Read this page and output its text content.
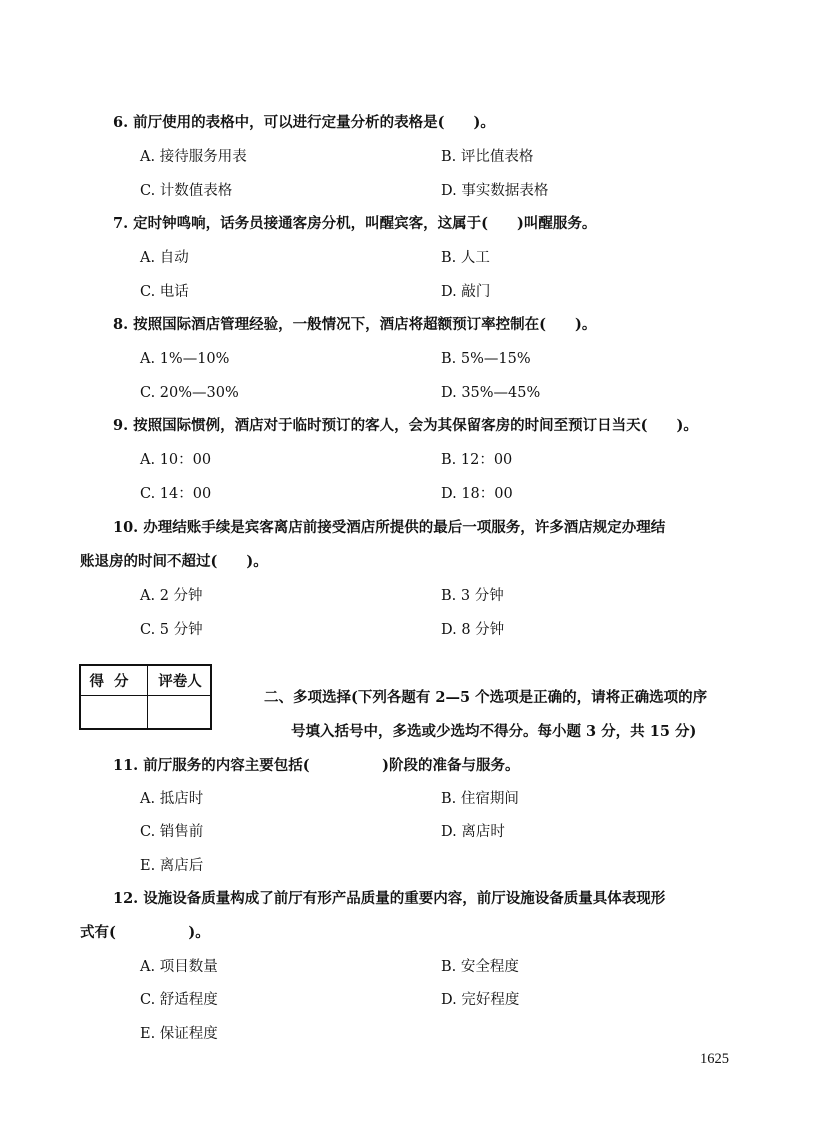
6. 前厅使用的表格中，可以进行定量分析的表格是(　　)。
A. 接待服务用表	B. 评比值表格
C. 计数值表格	D. 事实数据表格
7. 定时钟鸣响，话务员接通客房分机，叫醒宾客，这属于(　　)叫醒服务。
A. 自动	B. 人工
C. 电话	D. 敲门
8. 按照国际酒店管理经验，一般情况下，酒店将超额预订率控制在(　　)。
A. 1%—10%	B. 5%—15%
C. 20%—30%	D. 35%—45%
9. 按照国际惯例，酒店对于临时预订的客人，会为其保留客房的时间至预订日当天(　　)。
A. 10：00	B. 12：00
C. 14：00	D. 18：00
10. 办理结账手续是宾客离店前接受酒店所提供的最后一项服务，许多酒店规定办理结
账退房的时间不超过(　　)。
A. 2 分钟	B. 3 分钟
C. 5 分钟	D. 8 分钟
得分	评卷人
二、多项选择(下列各题有 2—5 个选项是正确的，请将正确选项的序
号填入括号中，多选或少选均不得分。每小题 3 分，共 15 分)
11. 前厅服务的内容主要包括(　　　　　)阶段的准备与服务。
A. 抵店时	B. 住宿期间
C. 销售前	D. 离店时
E. 离店后
12. 设施设备质量构成了前厅有形产品质量的重要内容，前厅设施设备质量具体表现形
式有(　　　　　)。
A. 项目数量	B. 安全程度
C. 舒适程度	D. 完好程度
E. 保证程度
1625
